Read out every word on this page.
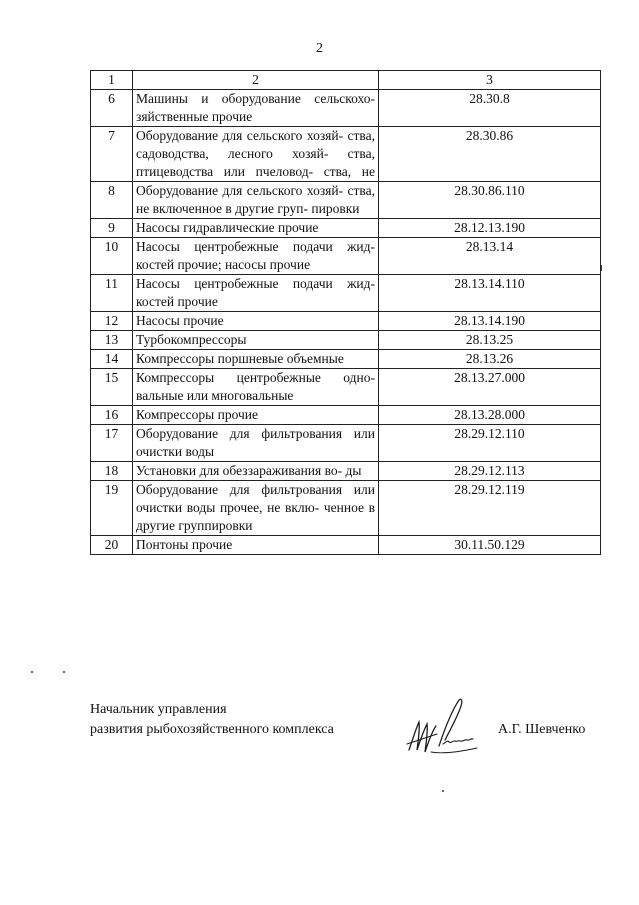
2
1	2	3
6	Машины и оборудование сельскохо- зяйственные прочие	28.30.8
7	Оборудование для сельского хозяй- ства, садоводства, лесного хозяй- ства, птицеводства или пчеловод- ства, не	28.30.86
8	Оборудование для сельского хозяй- ства, не включенное в другие груп- пировки	28.30.86.110
9	Насосы гидравлические прочие	28.12.13.190
10	Насосы центробежные подачи жид- костей прочие; насосы прочие	28.13.14
11	Насосы центробежные подачи жид- костей прочие	28.13.14.110
12	Насосы прочие	28.13.14.190
13	Турбокомпрессоры	28.13.25
14	Компрессоры поршневые объемные	28.13.26
15	Компрессоры центробежные одно- вальные или многовальные	28.13.27.000
16	Компрессоры прочие	28.13.28.000
17	Оборудование для фильтрования или очистки воды	28.29.12.110
18	Установки для обеззараживания во- ды	28.29.12.113
19	Оборудование для фильтрования или очистки воды прочее, не вклю- ченное в другие группировки	28.29.12.119
20	Понтоны прочие	30.11.50.129
Начальник управления
развития рыбохозяйственного комплекса	А.Г. Шевченко
